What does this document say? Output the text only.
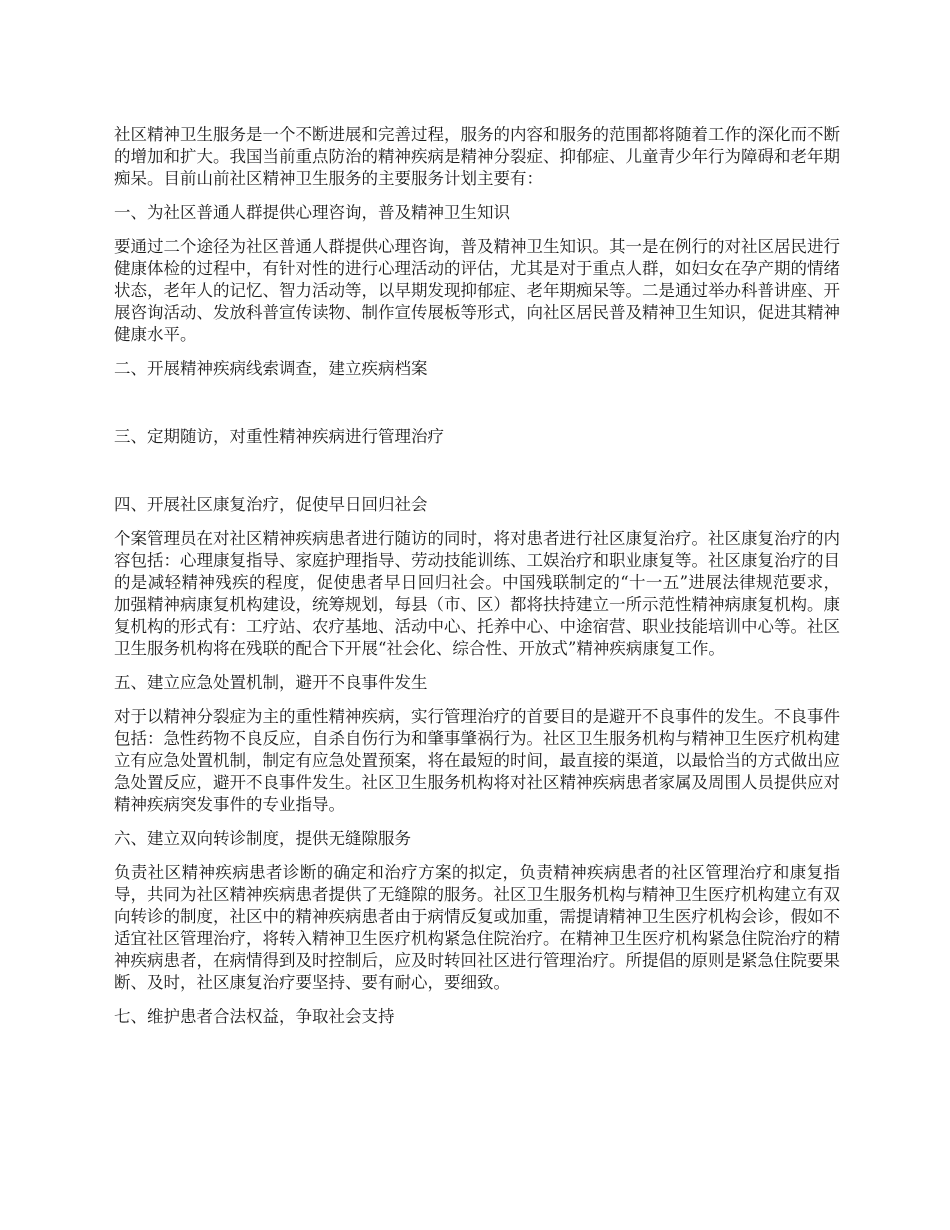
社区精神卫生服务是一个不断进展和完善过程，服务的内容和服务的范围都将随着工作的深化而不断的增加和扩大。我国当前重点防治的精神疾病是精神分裂症、抑郁症、儿童青少年行为障碍和老年期痴呆。目前山前社区精神卫生服务的主要服务计划主要有：

一、为社区普通人群提供心理咨询，普及精神卫生知识

要通过二个途径为社区普通人群提供心理咨询，普及精神卫生知识。其一是在例行的对社区居民进行健康体检的过程中，有针对性的进行心理活动的评估，尤其是对于重点人群，如妇女在孕产期的情绪状态，老年人的记忆、智力活动等，以早期发现抑郁症、老年期痴呆等。二是通过举办科普讲座、开展咨询活动、发放科普宣传读物、制作宣传展板等形式，向社区居民普及精神卫生知识，促进其精神健康水平。

二、开展精神疾病线索调查，建立疾病档案

三、定期随访，对重性精神疾病进行管理治疗

四、开展社区康复治疗，促使早日回归社会

个案管理员在对社区精神疾病患者进行随访的同时，将对患者进行社区康复治疗。社区康复治疗的内容包括：心理康复指导、家庭护理指导、劳动技能训练、工娱治疗和职业康复等。社区康复治疗的目的是减轻精神残疾的程度，促使患者早日回归社会。中国残联制定的“十一五”进展法律规范要求，加强精神病康复机构建设，统筹规划，每县（市、区）都将扶持建立一所示范性精神病康复机构。康复机构的形式有：工疗站、农疗基地、活动中心、托养中心、中途宿营、职业技能培训中心等。社区卫生服务机构将在残联的配合下开展“社会化、综合性、开放式”精神疾病康复工作。

五、建立应急处置机制，避开不良事件发生

对于以精神分裂症为主的重性精神疾病，实行管理治疗的首要目的是避开不良事件的发生。不良事件包括：急性药物不良反应，自杀自伤行为和肇事肇祸行为。社区卫生服务机构与精神卫生医疗机构建立有应急处置机制，制定有应急处置预案，将在最短的时间，最直接的渠道，以最恰当的方式做出应急处置反应，避开不良事件发生。社区卫生服务机构将对社区精神疾病患者家属及周围人员提供应对精神疾病突发事件的专业指导。

六、建立双向转诊制度，提供无缝隙服务

负责社区精神疾病患者诊断的确定和治疗方案的拟定，负责精神疾病患者的社区管理治疗和康复指导，共同为社区精神疾病患者提供了无缝隙的服务。社区卫生服务机构与精神卫生医疗机构建立有双向转诊的制度，社区中的精神疾病患者由于病情反复或加重，需提请精神卫生医疗机构会诊，假如不适宜社区管理治疗，将转入精神卫生医疗机构紧急住院治疗。在精神卫生医疗机构紧急住院治疗的精神疾病患者，在病情得到及时控制后，应及时转回社区进行管理治疗。所提倡的原则是紧急住院要果断、及时，社区康复治疗要坚持、要有耐心，要细致。

七、维护患者合法权益，争取社会支持
